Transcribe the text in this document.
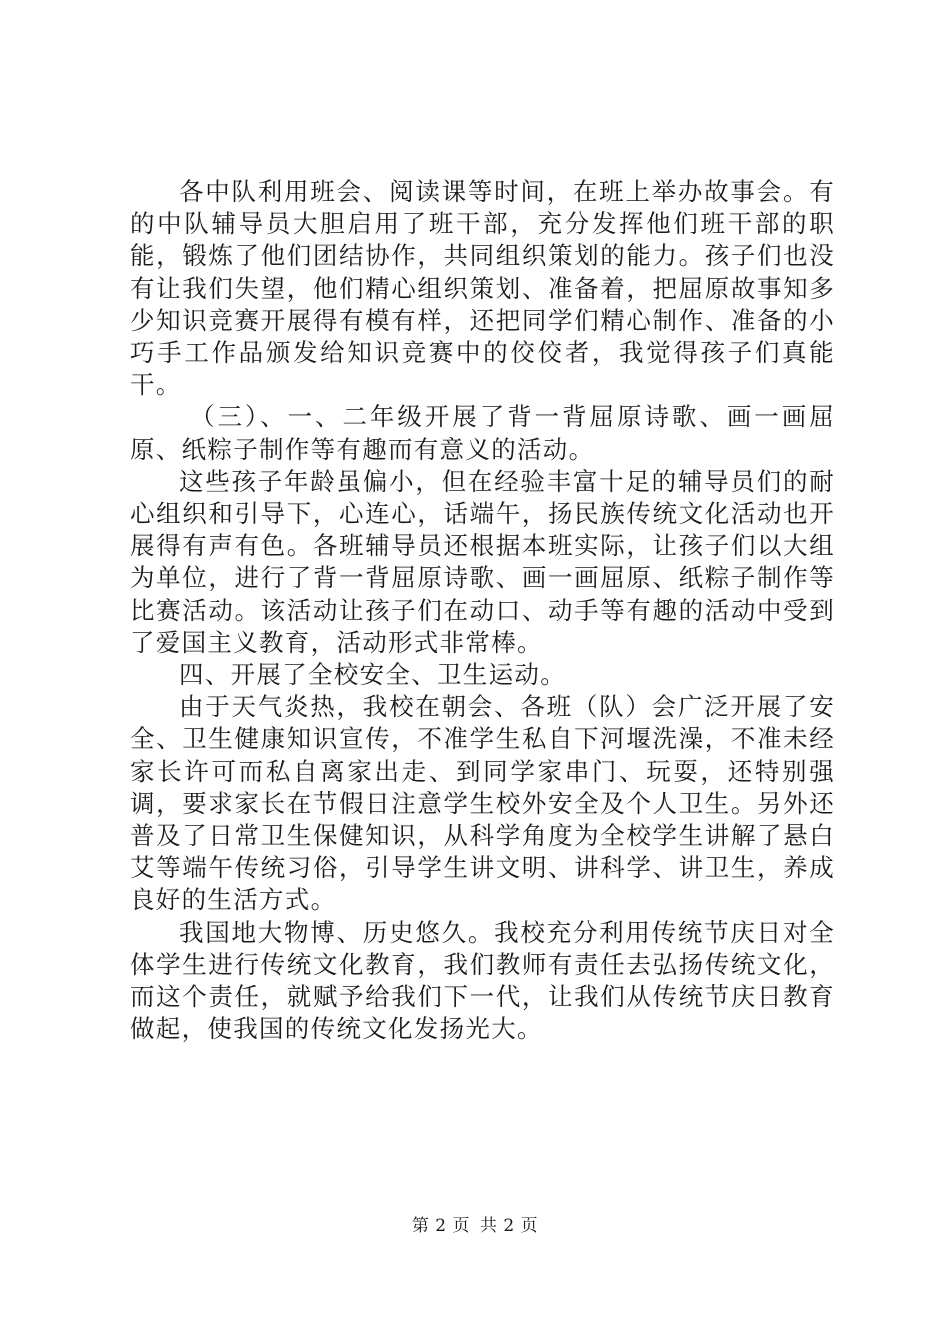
各中队利用班会、阅读课等时间，在班上举办故事会。有的中队辅导员大胆启用了班干部，充分发挥他们班干部的职能，锻炼了他们团结协作，共同组织策划的能力。孩子们也没有让我们失望，他们精心组织策划、准备着，把屈原故事知多少知识竞赛开展得有模有样，还把同学们精心制作、准备的小巧手工作品颁发给知识竞赛中的佼佼者，我觉得孩子们真能干。

（三）、一、二年级开展了背一背屈原诗歌、画一画屈原、纸粽子制作等有趣而有意义的活动。

这些孩子年龄虽偏小，但在经验丰富十足的辅导员们的耐心组织和引导下，心连心，话端午，扬民族传统文化活动也开展得有声有色。各班辅导员还根据本班实际，让孩子们以大组为单位，进行了背一背屈原诗歌、画一画屈原、纸粽子制作等比赛活动。该活动让孩子们在动口、动手等有趣的活动中受到了爱国主义教育，活动形式非常棒。

四、开展了全校安全、卫生运动。

由于天气炎热，我校在朝会、各班（队）会广泛开展了安全、卫生健康知识宣传，不准学生私自下河堰洗澡，不准未经家长许可而私自离家出走、到同学家串门、玩耍，还特别强调，要求家长在节假日注意学生校外安全及个人卫生。另外还普及了日常卫生保健知识，从科学角度为全校学生讲解了悬白艾等端午传统习俗，引导学生讲文明、讲科学、讲卫生，养成良好的生活方式。

我国地大物博、历史悠久。我校充分利用传统节庆日对全体学生进行传统文化教育，我们教师有责任去弘扬传统文化，而这个责任，就赋予给我们下一代，让我们从传统节庆日教育做起，使我国的传统文化发扬光大。

第 2 页 共 2 页
